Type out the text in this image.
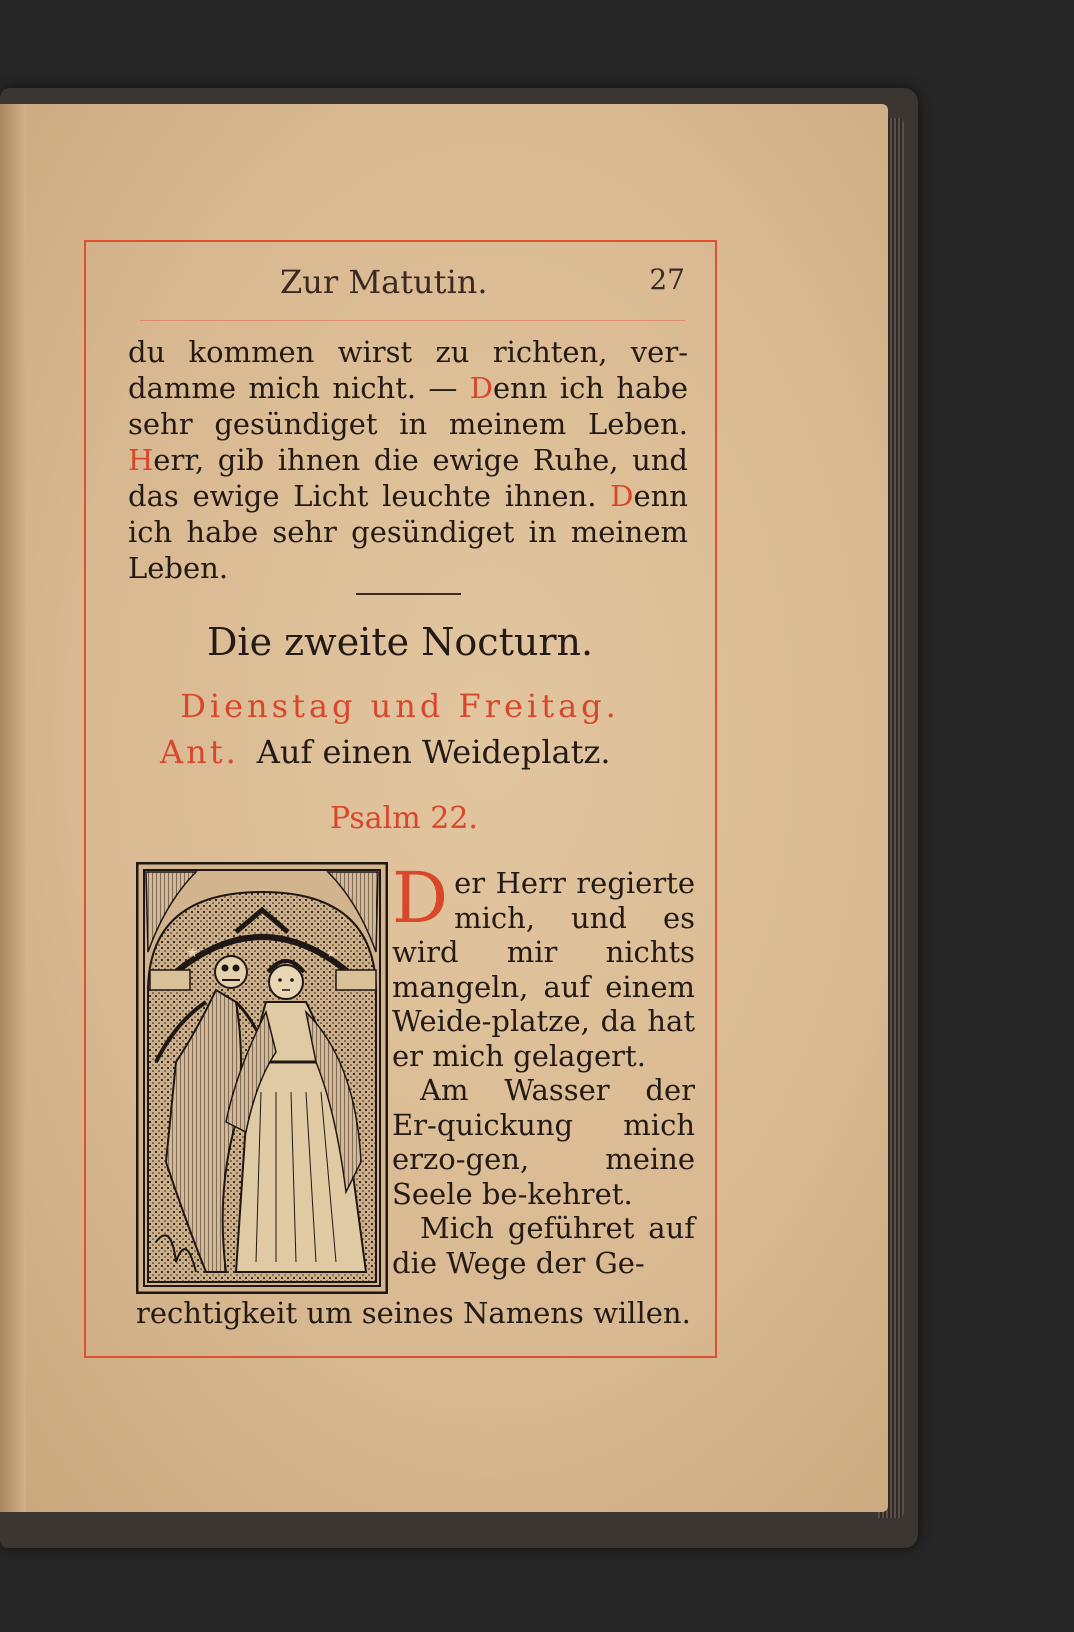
Zur Matutin.	27

du kommen wirst zu richten, ver-damme mich nicht. — Denn ich habe sehr gesündiget in meinem Leben. Herr, gib ihnen die ewige Ruhe, und das ewige Licht leuchte ihnen. Denn ich habe sehr gesündiget in meinem Leben.

Die zweite Nocturn.
Dienstag und Freitag.
Ant. Auf einen Weideplatz.
Psalm 22.
★	★
D er Herr regierte mich, und es wird mir nichts mangeln, auf einem Weide-platze, da hat er mich gelagert.

Am Wasser der Er-quickung mich erzo-gen, meine Seele be-kehret.

Mich geführet auf die Wege der Ge-

rechtigkeit um seines Namens willen.
